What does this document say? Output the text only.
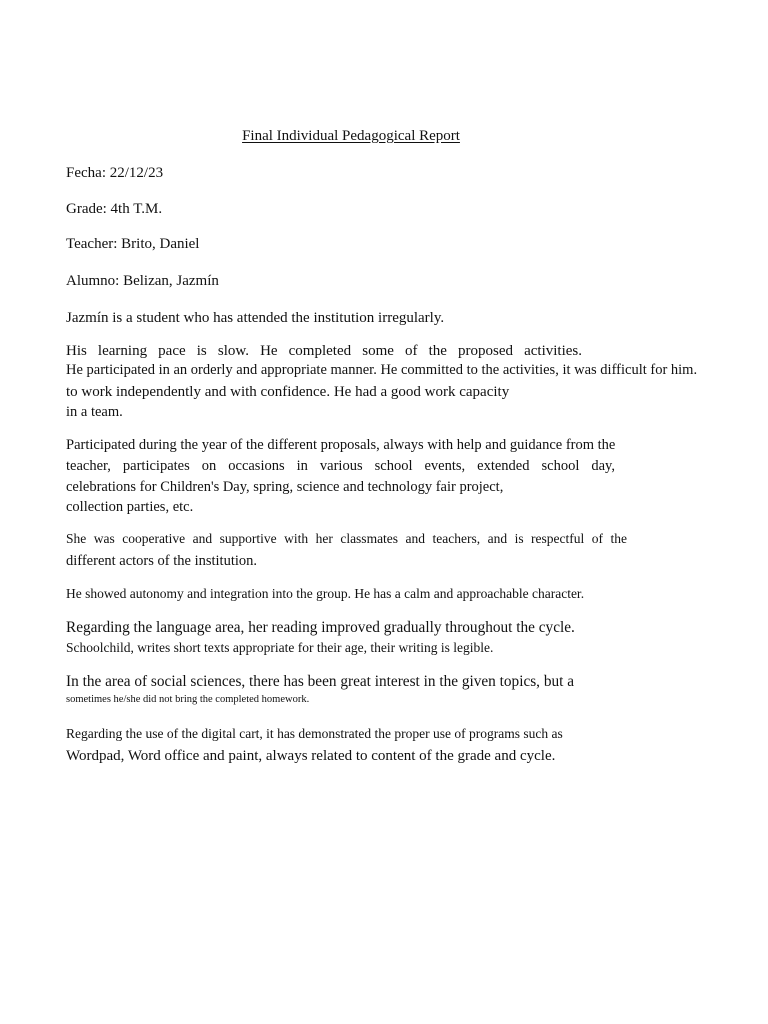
Final Individual Pedagogical Report

Fecha: 22/12/23

Grade: 4th T.M.

Teacher: Brito, Daniel

Alumno: Belizan, Jazmín

Jazmín is a student who has attended the institution irregularly.

His learning pace is slow. He completed some of the proposed activities.

He participated in an orderly and appropriate manner. He committed to the activities, it was difficult for him.

to work independently and with confidence. He had a good work capacity

in a team.

Participated during the year of the different proposals, always with help and guidance from the

teacher, participates on occasions in various school events, extended school day,

celebrations for Children's Day, spring, science and technology fair project,

collection parties, etc.

She was cooperative and supportive with her classmates and teachers, and is respectful of the

different actors of the institution.

He showed autonomy and integration into the group. He has a calm and approachable character.

Regarding the language area, her reading improved gradually throughout the cycle.

Schoolchild, writes short texts appropriate for their age, their writing is legible.

In the area of social sciences, there has been great interest in the given topics, but a

sometimes he/she did not bring the completed homework.

Regarding the use of the digital cart, it has demonstrated the proper use of programs such as

Wordpad, Word office and paint, always related to content of the grade and cycle.
